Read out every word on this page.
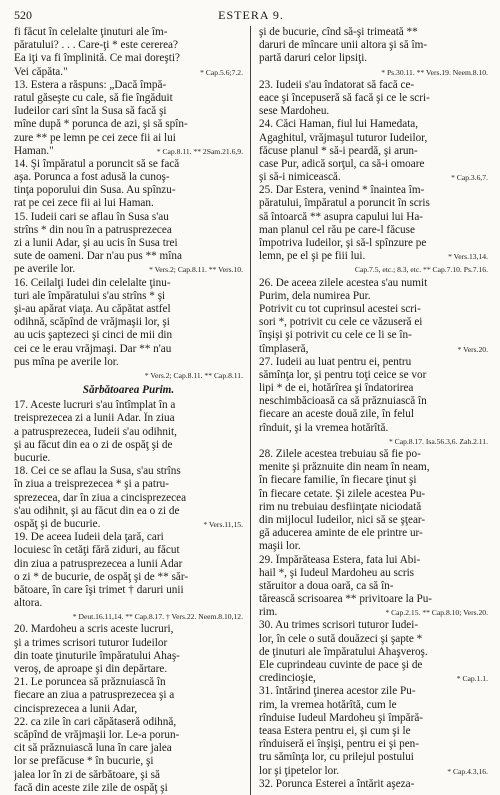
520	ESTERA 9.
fi făcut în celelalte ţinuturi ale îm-
păratului? . . . Care-ţi * este cererea?
Ea iţi va fi împlinită. Ce mai doreşti?
Vei căpăta."	* Cap.5.6;7.2.
13. Estera a răspuns: „Dacă împă-
ratul găseşte cu cale, să fie îngăduit
Iudeilor cari sînt la Susa să facă şi
mîne după * porunca de azi, şi să spîn-
zure ** pe lemn pe cei zece fii ai lui
Haman."	* Cap.8.11. ** 2Sam.21.6,9.
14. Şi împăratul a poruncit să se facă
aşa. Porunca a fost adusă la cunoş-
tinţa poporului din Susa. Au spînzu-
rat pe cei zece fii ai lui Haman.
15. Iudeii cari se aflau în Susa s'au
strîns * din nou în a patrusprezecea
zi a lunii Adar, şi au ucis în Susa trei
sute de oameni. Dar n'au pus ** mîna
pe averile lor.	* Vers.2; Cap.8.11. ** Vers.10.
16. Ceilalţi Iudei din celelalte ţinu-
turi ale împăratului s'au strîns * şi
şi-au apărat viaţa. Au căpătat astfel
odihnă, scăpînd de vrăjmaşii lor, şi
au ucis şaptezeci şi cinci de mii din
cei ce le erau vrăjmaşi. Dar ** n'au
pus mîna pe averile lor.
* Vers.2; Cap.8.11. ** Cap.8.11.
Sărbătoarea Purim.
17. Aceste lucruri s'au întîmplat în a
treisprezecea zi a lunii Adar. În ziua
a patrusprezecea, Iudeii s'au odihnit,
şi au făcut din ea o zi de ospăţ şi de
bucurie.
18. Cei ce se aflau la Susa, s'au strîns
în ziua a treisprezecea * şi a patru-
sprezecea, dar în ziua a cincisprezecea
s'au odihnit, şi au făcut din ea o zi de
ospăţ şi de bucurie.	* Vers.11,15.
19. De aceea Iudeii dela ţară, cari
locuiesc în cetăţi fără ziduri, au făcut
din ziua a patrusprezecea a lunii Adar
o zi * de bucurie, de ospăţ şi de ** săr-
bătoare, în care îşi trimet † daruri unii
altora.
* Deut.16.11,14. ** Cap.8.17. † Vers.22. Neem.8.10,12.
20. Mardoheu a scris aceste lucruri,
şi a trimes scrisori tuturor Iudeilor
din toate ţinuturile împăratului Ahaş-
veroş, de aproape şi din depărtare.
21. Le poruncea să prăznuiască în
fiecare an ziua a patrusprezecea şi a
cincisprezecea a lunii Adar,
22. ca zile în cari căpătaseră odihnă,
scăpînd de vrăjmaşii lor. Le-a porun-
cit să prăznuiască luna în care jalea
lor se prefăcuse * în bucurie, şi
jalea lor în zi de sărbătoare, şi să
facă din aceste zile zile de ospăţ şi
şi de bucurie, cînd să-şi trimeată **
daruri de mîncare unii altora şi să îm-
partă daruri celor lipsiţi.
* Ps.30.11. ** Vers.19. Neem.8.10.
23. Iudeii s'au îndatorat să facă ce-
eace şi începuseră să facă şi ce le scri-
sese Mardoheu.
24. Căci Haman, fiul lui Hamedata,
Agaghitul, vrăjmaşul tuturor Iudeilor,
făcuse planul * să-i peardă, şi arun-
case Pur, adică sorţul, ca să-i omoare
şi să-i nimicească.	* Cap.3.6,7.
25. Dar Estera, venind * înaintea îm-
păratului, împăratul a poruncit în scris
să întoarcă ** asupra capului lui Ha-
man planul cel rău pe care-l făcuse
împotriva Iudeilor, şi să-l spînzure pe
lemn, pe el şi pe fiii lui.	* Vers.13,14.
Cap.7.5, etc.; 8.3, etc. ** Cap.7.10. Ps.7.16.
26. De aceea zilele acestea s'au numit
Purim, dela numirea Pur.
Potrivit cu tot cuprinsul acestei scri-
sori *, potrivit cu cele ce văzuseră ei
înşişi şi potrivit cu cele ce li se în-
tîmplaseră,	* Vers.20.
27. Iudeii au luat pentru ei, pentru
sămînţa lor, şi pentru toţi ceice se vor
lipi * de ei, hotărîrea şi îndatorirea
neschimbăcioasă ca să prăznuiască în
fiecare an aceste două zile, în felul
rînduit, şi la vremea hotărîtă.
* Cap.8.17. Isa.56.3,6. Zah.2.11.
28. Zilele acestea trebuiau să fie po-
menite şi prăznuite din neam în neam,
în fiecare familie, în fiecare ţinut şi
în fiecare cetate. Şi zilele acestea Pu-
rim nu trebuiau desfiinţate niciodată
din mijlocul Iudeilor, nici să se şţear-
gă aducerea aminte de ele printre ur-
maşii lor.
29. Împărăteasa Estera, fata lui Abi-
hail *, şi Iudeul Mardoheu au scris
stăruitor a doua oară, ca să în-
tărească scrisoarea ** privitoare la Pu-
rim.	* Cap.2.15. ** Cap.8.10; Vers.20.
30. Au trimes scrisori tuturor Iudei-
lor, în cele o sută douăzeci şi şapte *
de ţinuturi ale împăratului Ahaşveroş.
Ele cuprindeau cuvinte de pace şi de
credincioşie,	* Cap.1.1.
31. întărind ţinerea acestor zile Pu-
rim, la vremea hotărîtă, cum le
rînduise Iudeul Mardoheu şi împără-
teasa Estera pentru ei, şi cum şi le
rînduiseră ei înşişi, pentru ei şi pen-
tru sămînţa lor, cu prilejul postului
lor şi ţipetelor lor.	* Cap.4.3,16.
32. Porunca Esterei a întărit aşeza-
